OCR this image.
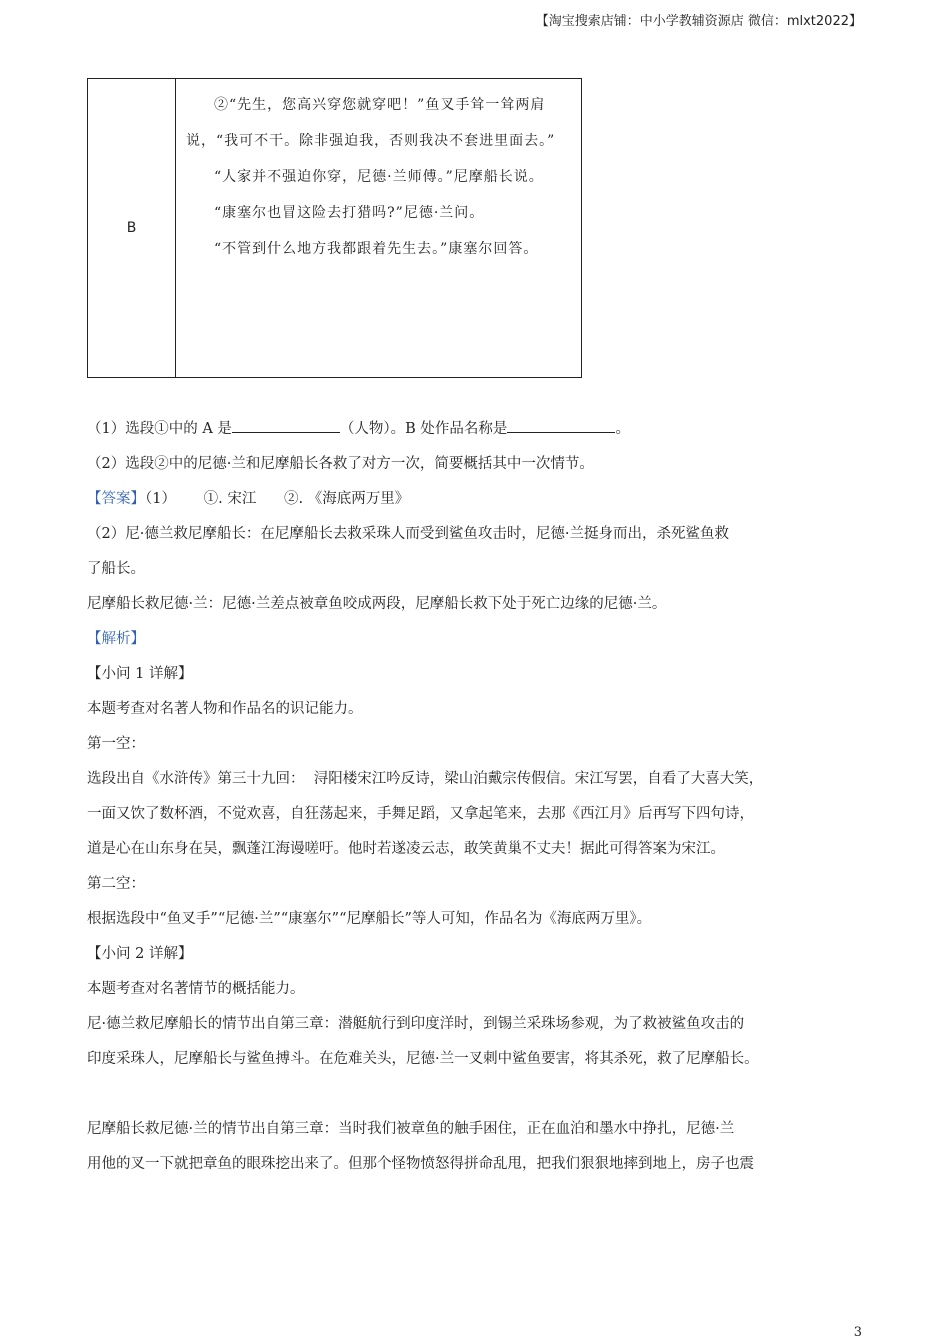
【淘宝搜索店铺：中小学教辅资源店 微信：mlxt2022】
B

②“先生，您高兴穿您就穿吧！”鱼叉手耸一耸两肩说，“我可不干。除非强迫我，否则我决不套进里面去。”

“人家并不强迫你穿，尼德·兰师傅。”尼摩船长说。

“康塞尔也冒这险去打猎吗?”尼德·兰问。

“不管到什么地方我都跟着先生去。”康塞尔回答。

（1）选段①中的 A 是	（人物）。B 处作品名称是	。

（2）选段②中的尼德·兰和尼摩船长各救了对方一次，简要概括其中一次情节。

【答案】（1）      ①. 宋江      ②. 《海底两万里》

（2）尼·德兰救尼摩船长：在尼摩船长去救采珠人而受到鲨鱼攻击时，尼德·兰挺身而出，杀死鲨鱼救

了船长。

尼摩船长救尼德·兰：尼德·兰差点被章鱼咬成两段，尼摩船长救下处于死亡边缘的尼德·兰。

【解析】

【小问 1 详解】

本题考查对名著人物和作品名的识记能力。

第一空：

选段出自《水浒传》第三十九回：  浔阳楼宋江吟反诗，梁山泊戴宗传假信。宋江写罢，自看了大喜大笑，

一面又饮了数杯酒，不觉欢喜，自狂荡起来，手舞足蹈，又拿起笔来，去那《西江月》后再写下四句诗，

道是心在山东身在吴，飘蓬江海谩嗟吁。他时若遂凌云志，敢笑黄巢不丈夫！据此可得答案为宋江。

第二空：

根据选段中“鱼叉手”“尼德·兰”“康塞尔”“尼摩船长”等人可知，作品名为《海底两万里》。

【小问 2 详解】

本题考查对名著情节的概括能力。

尼·德兰救尼摩船长的情节出自第三章：潜艇航行到印度洋时，到锡兰采珠场参观，为了救被鲨鱼攻击的

印度采珠人，尼摩船长与鲨鱼搏斗。在危难关头，尼德·兰一叉刺中鲨鱼要害，将其杀死，救了尼摩船长。

尼摩船长救尼德·兰的情节出自第三章：当时我们被章鱼的触手困住，正在血泊和墨水中挣扎，尼德·兰

用他的叉一下就把章鱼的眼珠挖出来了。但那个怪物愤怒得拼命乱甩，把我们狠狠地摔到地上，房子也震

3
